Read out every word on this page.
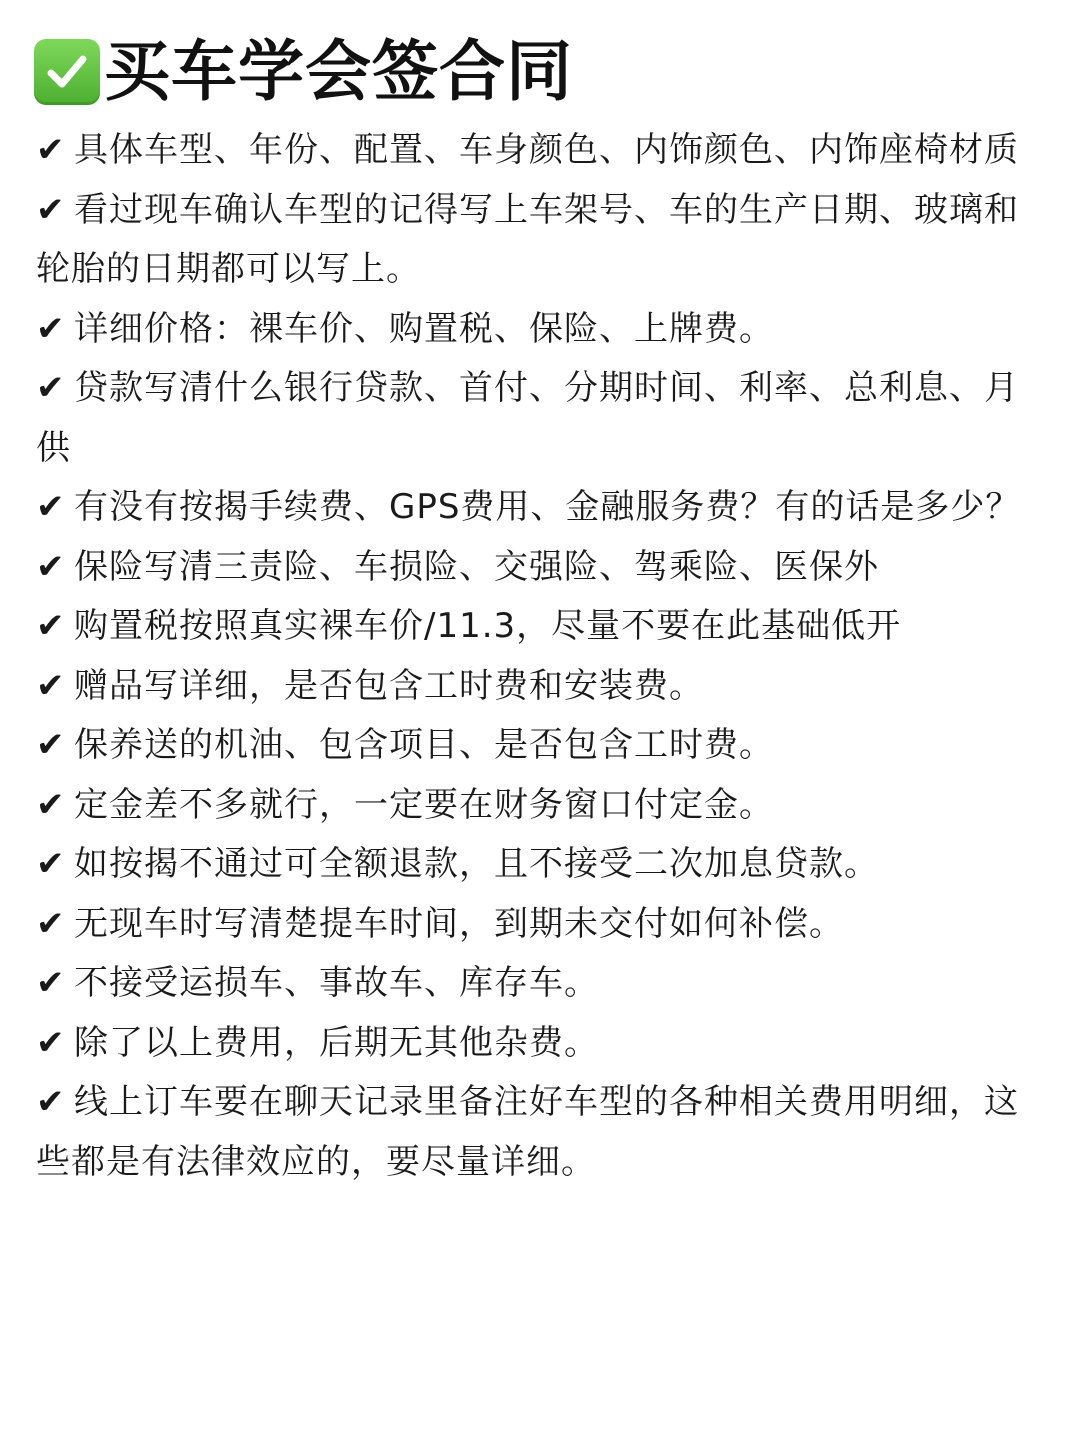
买车学会签合同
✔ 具体车型、年份、配置、车身颜色、内饰颜色、内饰座椅材质
✔ 看过现车确认车型的记得写上车架号、车的生产日期、玻璃和轮胎的日期都可以写上。
✔ 详细价格：裸车价、购置税、保险、上牌费。
✔ 贷款写清什么银行贷款、首付、分期时间、利率、总利息、月供
✔ 有没有按揭手续费、GPS费用、金融服务费？有的话是多少？
✔ 保险写清三责险、车损险、交强险、驾乘险、医保外
✔ 购置税按照真实裸车价/11.3，尽量不要在此基础低开
✔ 赠品写详细，是否包含工时费和安装费。
✔ 保养送的机油、包含项目、是否包含工时费。
✔ 定金差不多就行，一定要在财务窗口付定金。
✔ 如按揭不通过可全额退款，且不接受二次加息贷款。
✔ 无现车时写清楚提车时间，到期未交付如何补偿。
✔ 不接受运损车、事故车、库存车。
✔ 除了以上费用，后期无其他杂费。
✔ 线上订车要在聊天记录里备注好车型的各种相关费用明细，这些都是有法律效应的，要尽量详细。
